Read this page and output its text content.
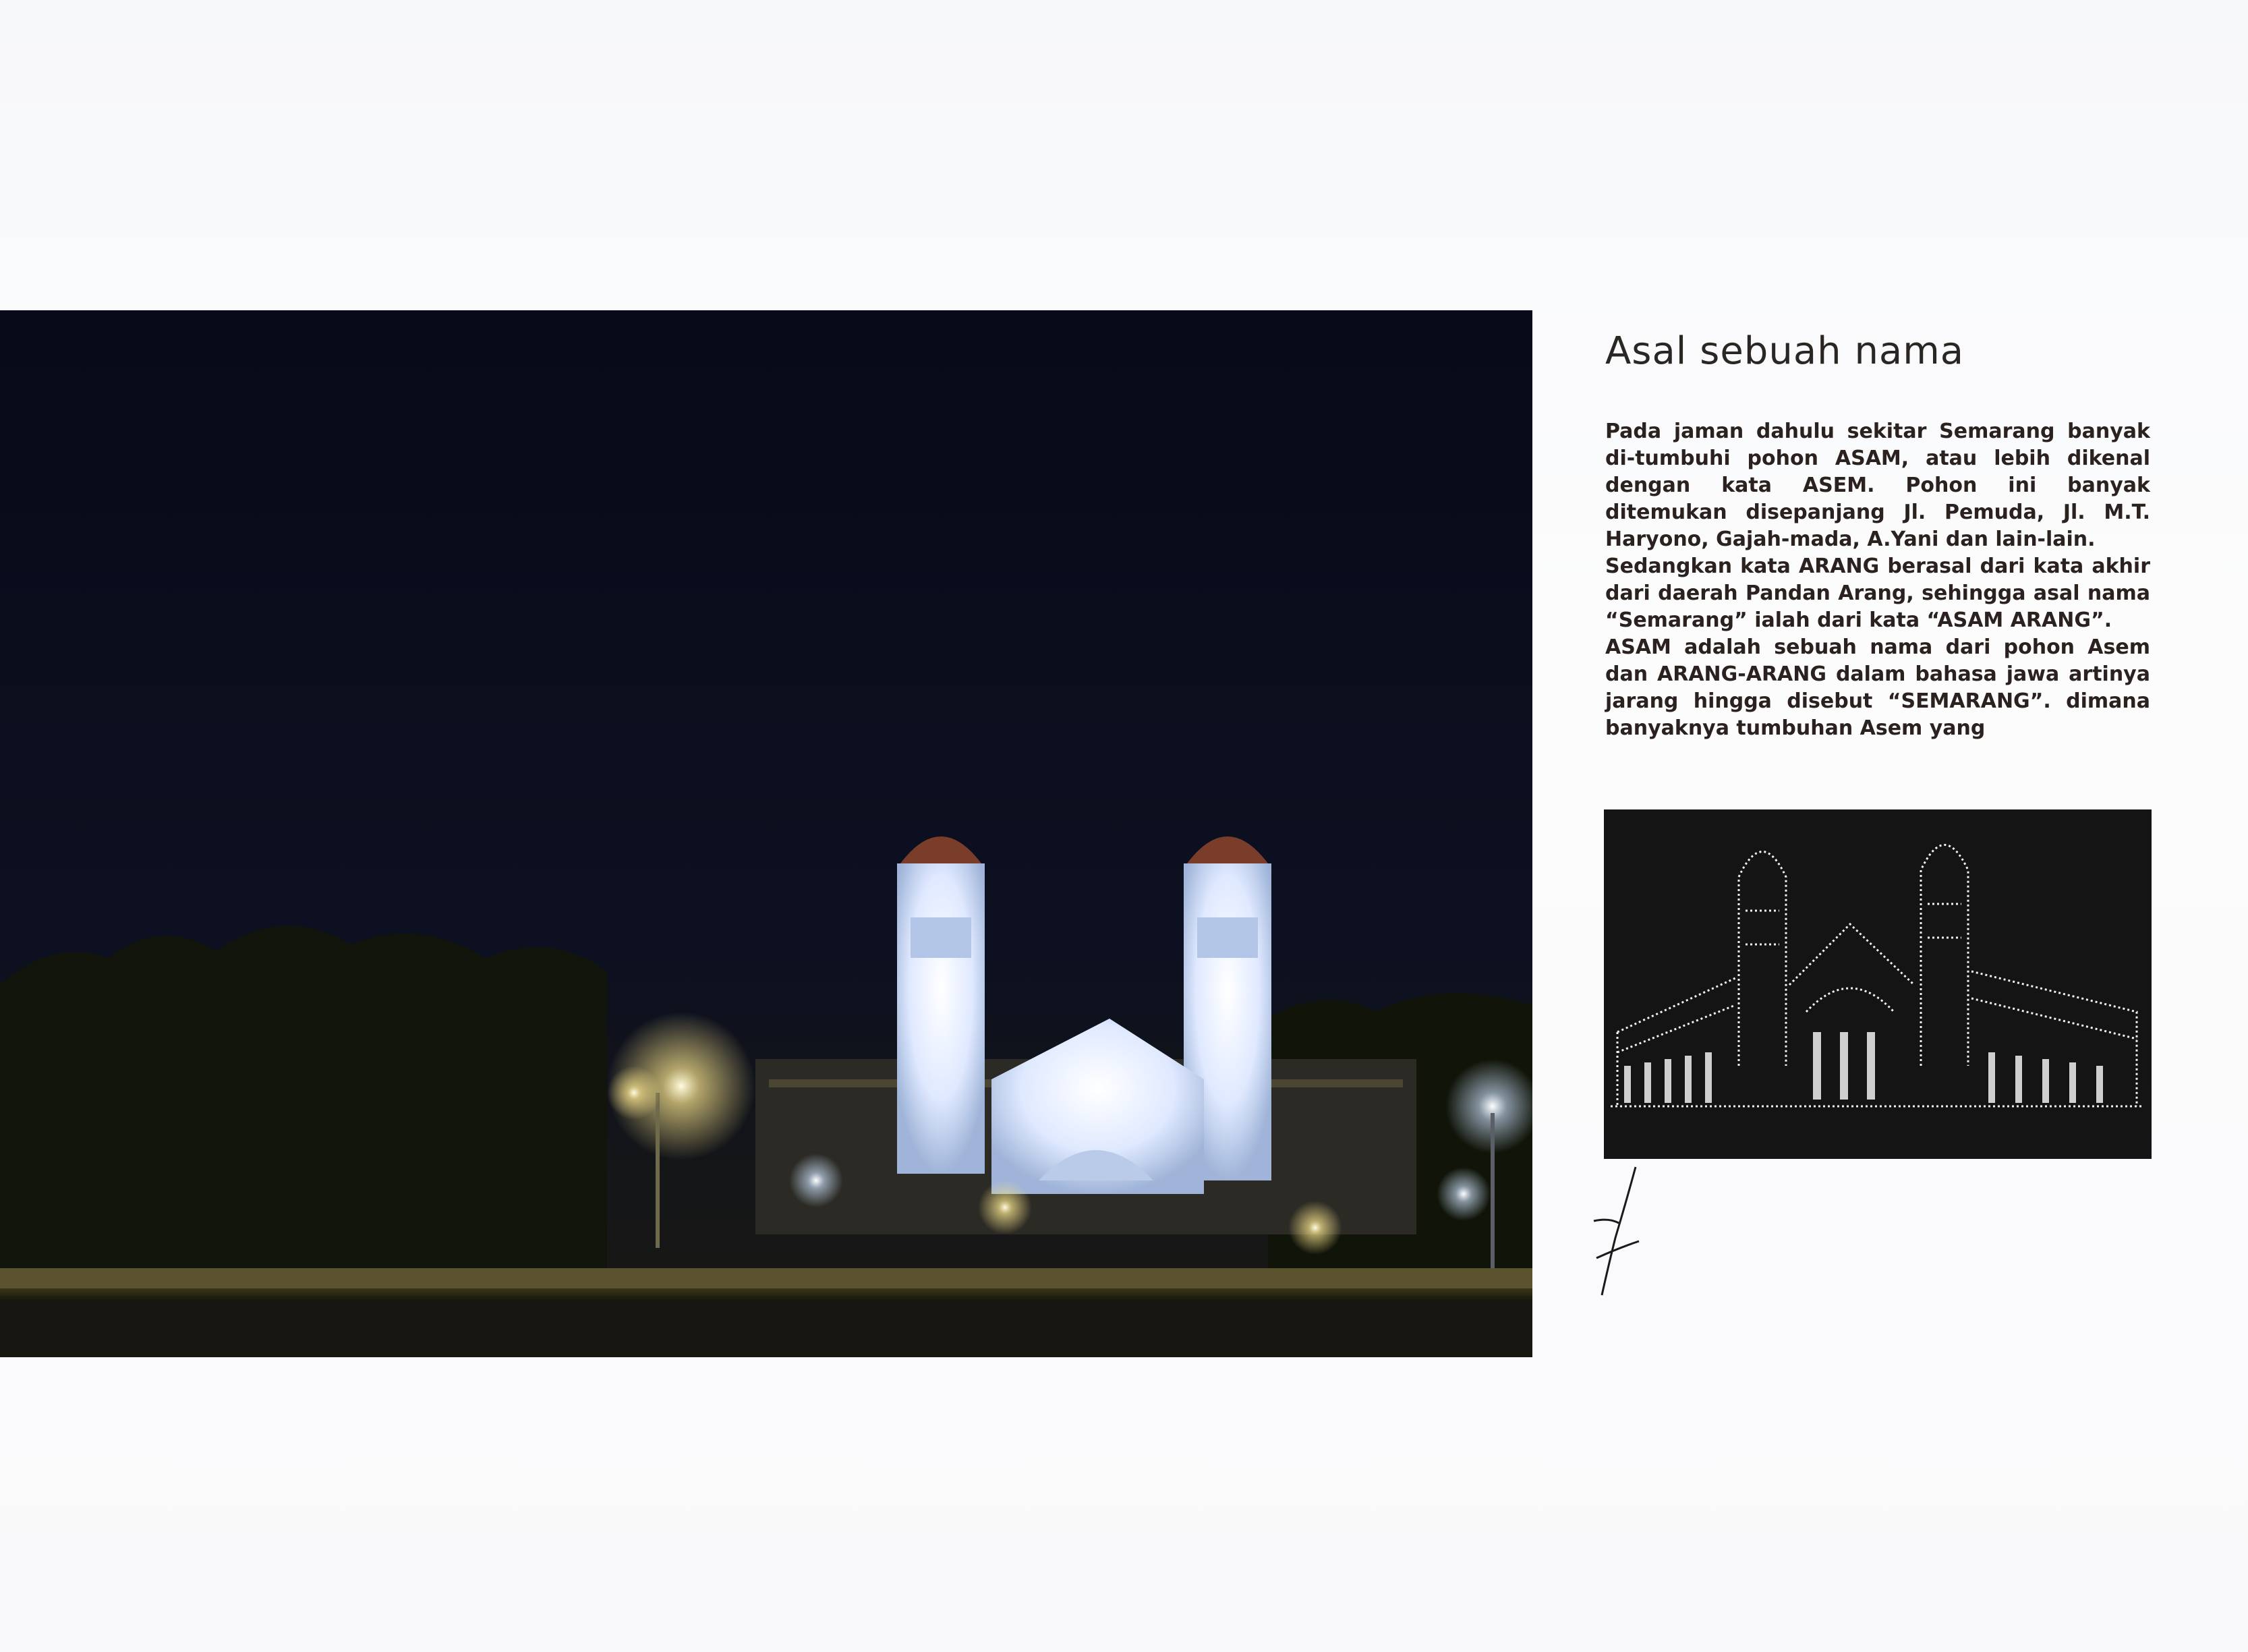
Asal sebuah nama

Pada jaman dahulu sekitar Semarang banyak di-tumbuhi pohon ASAM, atau lebih dikenal dengan kata ASEM. Pohon ini banyak ditemukan disepanjang Jl. Pemuda, Jl. M.T. Haryono, Gajah-mada, A.Yani dan lain-lain.

Sedangkan kata ARANG berasal dari kata akhir dari daerah Pandan Arang, sehingga asal nama “Semarang” ialah dari kata “ASAM ARANG”.

ASAM adalah sebuah nama dari pohon Asem dan ARANG-ARANG dalam bahasa jawa artinya jarang hingga disebut “SEMARANG”. dimana banyaknya tumbuhan Asem yang
